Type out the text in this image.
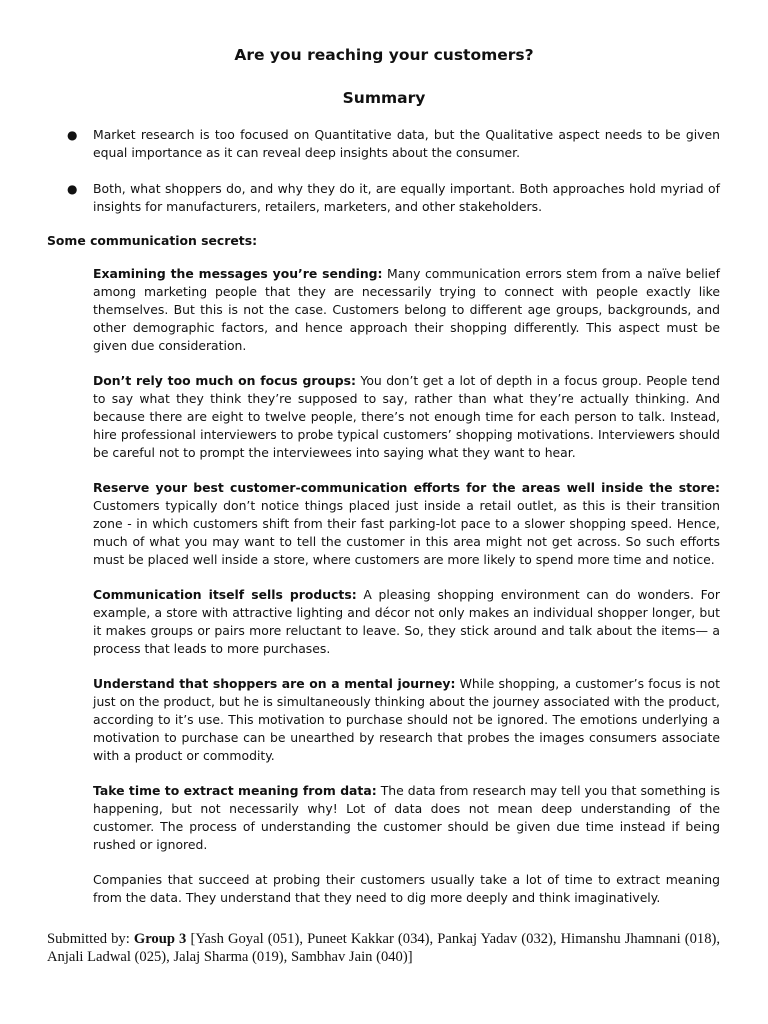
Are you reaching your customers?
Summary
● Market research is too focused on Quantitative data, but the Qualitative aspect needs to be given equal importance as it can reveal deep insights about the consumer.
● Both, what shoppers do, and why they do it, are equally important. Both approaches hold myriad of insights for manufacturers, retailers, marketers, and other stakeholders.

Some communication secrets:

Examining the messages you’re sending: Many communication errors stem from a naïve belief among marketing people that they are necessarily trying to connect with people exactly like themselves. But this is not the case. Customers belong to different age groups, backgrounds, and other demographic factors, and hence approach their shopping differently. This aspect must be given due consideration.

Don’t rely too much on focus groups: You don’t get a lot of depth in a focus group. People tend to say what they think they’re supposed to say, rather than what they’re actually thinking. And because there are eight to twelve people, there’s not enough time for each person to talk. Instead, hire professional interviewers to probe typical customers’ shopping motivations. Interviewers should be careful not to prompt the interviewees into saying what they want to hear.

Reserve your best customer-communication efforts for the areas well inside the store: Customers typically don’t notice things placed just inside a retail outlet, as this is their transition zone - in which customers shift from their fast parking-lot pace to a slower shopping speed. Hence, much of what you may want to tell the customer in this area might not get across. So such efforts must be placed well inside a store, where customers are more likely to spend more time and notice.

Communication itself sells products: A pleasing shopping environment can do wonders. For example, a store with attractive lighting and décor not only makes an individual shopper longer, but it makes groups or pairs more reluctant to leave. So, they stick around and talk about the items— a process that leads to more purchases.

Understand that shoppers are on a mental journey: While shopping, a customer’s focus is not just on the product, but he is simultaneously thinking about the journey associated with the product, according to it’s use. This motivation to purchase should not be ignored. The emotions underlying a motivation to purchase can be unearthed by research that probes the images consumers associate with a product or commodity.

Take time to extract meaning from data: The data from research may tell you that something is happening, but not necessarily why! Lot of data does not mean deep understanding of the customer. The process of understanding the customer should be given due time instead if being rushed or ignored.

Companies that succeed at probing their customers usually take a lot of time to extract meaning from the data. They understand that they need to dig more deeply and think imaginatively.

Submitted by: Group 3 [Yash Goyal (051), Puneet Kakkar (034), Pankaj Yadav (032), Himanshu Jhamnani (018), Anjali Ladwal (025), Jalaj Sharma (019), Sambhav Jain (040)]
